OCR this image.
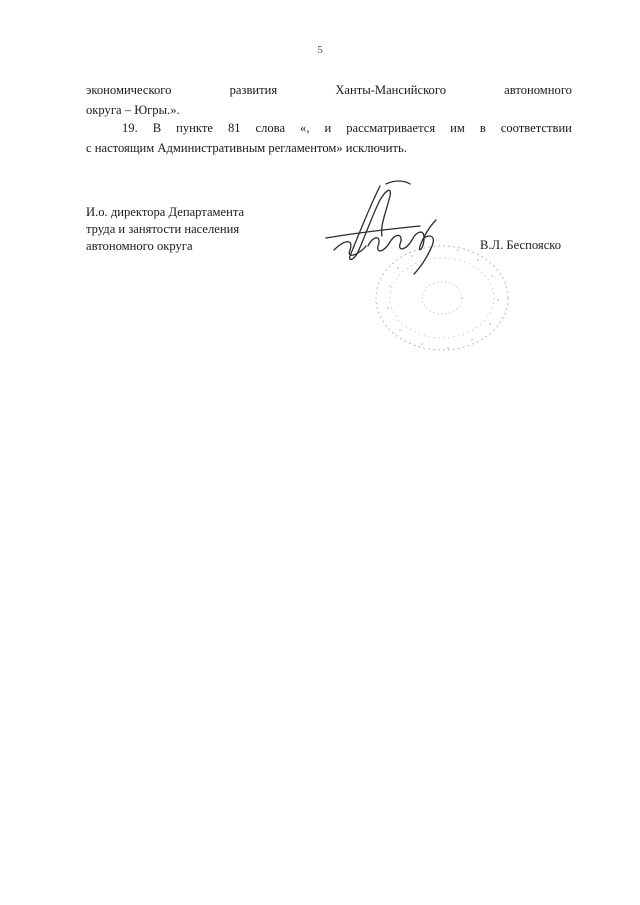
5
экономического	развития	Ханты-Мансийского	автономного
округа – Югры.».
19. В пункте 81 слова «, и рассматривается им в соответствии
с настоящим Административным регламентом» исключить.
И.о. директора Департамента
труда и занятости населения
автономного округа	В.Л. Беспояско
